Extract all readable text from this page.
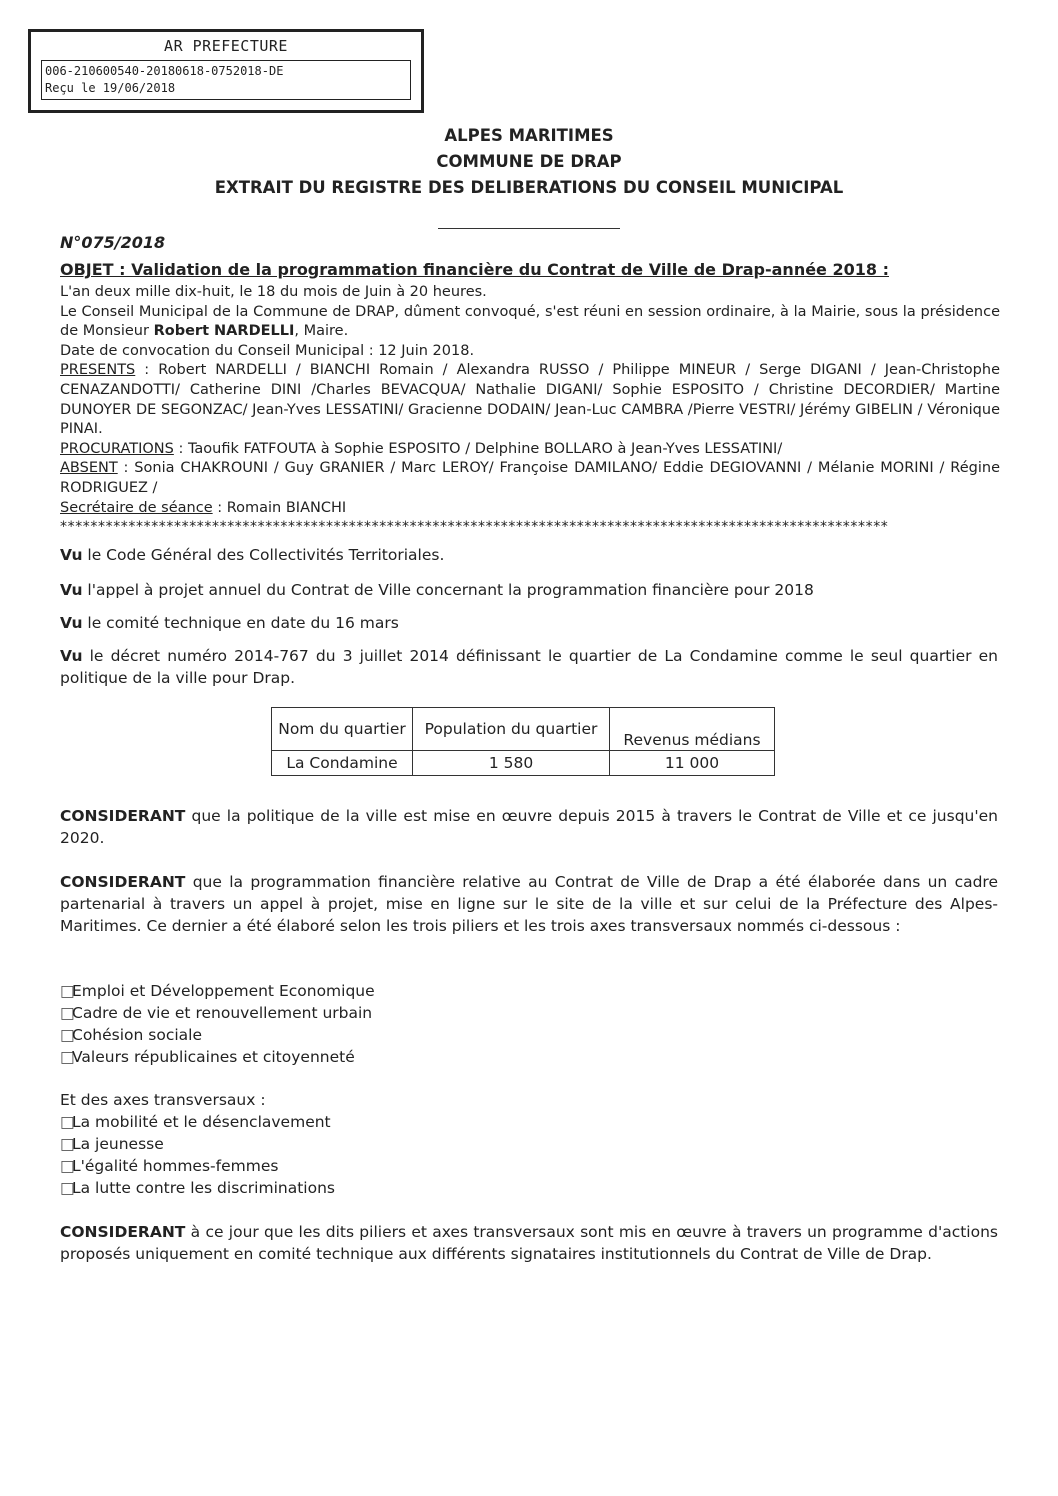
AR PREFECTURE
006-210600540-20180618-0752018-DE
Reçu le 19/06/2018
ALPES MARITIMES
COMMUNE DE DRAP
EXTRAIT DU REGISTRE DES DELIBERATIONS DU CONSEIL MUNICIPAL
N°075/2018
OBJET : Validation de la programmation financière du Contrat de Ville de Drap-année 2018 :

L'an deux mille dix-huit, le 18 du mois de Juin à 20 heures.

Le Conseil Municipal de la Commune de DRAP, dûment convoqué, s'est réuni en session ordinaire, à la Mairie, sous la présidence de Monsieur Robert NARDELLI, Maire.

Date de convocation du Conseil Municipal : 12 Juin 2018.

PRESENTS : Robert NARDELLI / BIANCHI Romain / Alexandra RUSSO / Philippe MINEUR / Serge DIGANI / Jean-Christophe CENAZANDOTTI/ Catherine DINI /Charles BEVACQUA/ Nathalie DIGANI/ Sophie ESPOSITO / Christine DECORDIER/ Martine DUNOYER DE SEGONZAC/ Jean-Yves LESSATINI/ Gracienne DODAIN/ Jean-Luc CAMBRA /Pierre VESTRI/ Jérémy GIBELIN / Véronique PINAI.

PROCURATIONS : Taoufik FATFOUTA à Sophie ESPOSITO / Delphine BOLLARO à Jean-Yves LESSATINI/

ABSENT : Sonia CHAKROUNI / Guy GRANIER / Marc LEROY/ Françoise DAMILANO/ Eddie DEGIOVANNI / Mélanie MORINI / Régine RODRIGUEZ /

Secrétaire de séance : Romain BIANCHI

*************************************************************************************************************
Vu le Code Général des Collectivités Territoriales.
Vu l'appel à projet annuel du Contrat de Ville concernant la programmation financière pour 2018
Vu le comité technique en date du 16 mars
Vu le décret numéro 2014-767 du 3 juillet 2014 définissant le quartier de La Condamine comme le seul quartier en politique de la ville pour Drap.
Nom du quartier	Population du quartier	Revenus médians
La Condamine	1 580	11 000
CONSIDERANT que la politique de la ville est mise en œuvre depuis 2015 à travers le Contrat de Ville et ce jusqu'en 2020.
CONSIDERANT que la programmation financière relative au Contrat de Ville de Drap a été élaborée dans un cadre partenarial à travers un appel à projet, mise en ligne sur le site de la ville et sur celui de la Préfecture des Alpes-Maritimes. Ce dernier a été élaboré selon les trois piliers et les trois axes transversaux nommés ci-dessous :
□Emploi et Développement Economique
□Cadre de vie et renouvellement urbain
□Cohésion sociale
□Valeurs républicaines et citoyenneté
Et des axes transversaux :
□La mobilité et le désenclavement
□La jeunesse
□L'égalité hommes-femmes
□La lutte contre les discriminations
CONSIDERANT à ce jour que les dits piliers et axes transversaux sont mis en œuvre à travers un programme d'actions proposés uniquement en comité technique aux différents signataires institutionnels du Contrat de Ville de Drap.
